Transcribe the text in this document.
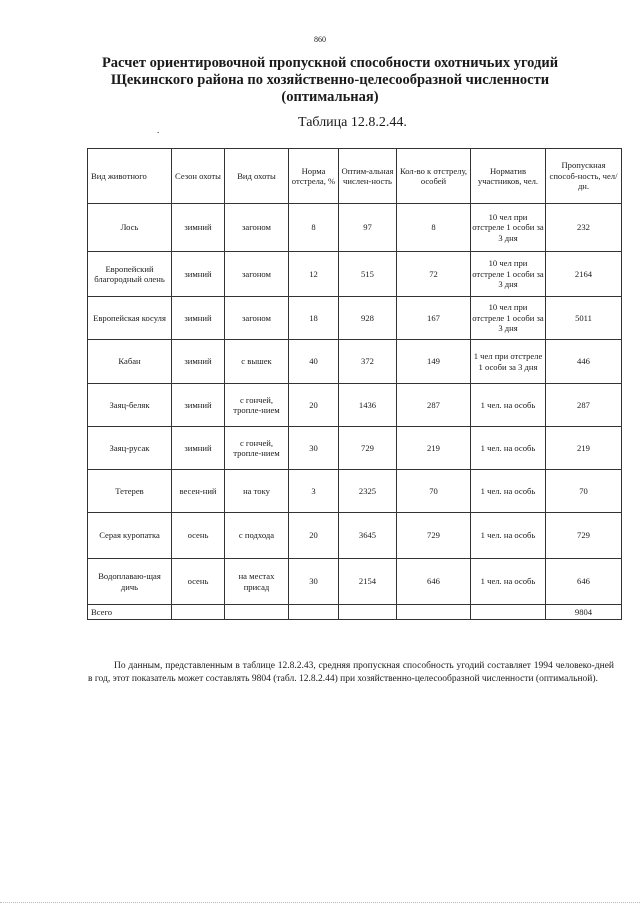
860
Расчет ориентировочной пропускной способности охотничьих угодий Щекинского района по хозяйственно-целесообразной численности (оптимальная)
.	Таблица 12.8.2.44.
Вид животного	Сезон охоты	Вид охоты	Норма отстрела, %	Оптим-альная числен-ность	Кол-во к отстрелу, особей	Норматив участников, чел.	Пропускная способ-ность, чел/дн.
Лось	зимний	загоном	8	97	8	10 чел при отстреле 1 особи за 3 дня	232
Европейский благородный олень	зимний	загоном	12	515	72	10 чел при отстреле 1 особи за 3 дня	2164
Европейская косуля	зимний	загоном	18	928	167	10 чел при отстреле 1 особи за 3 дня	5011
Кабан	зимний	с вышек	40	372	149	1 чел при отстреле 1 особи за 3 дня	446
Заяц-беляк	зимний	с гончей, тропле-нием	20	1436	287	1 чел. на особь	287
Заяц-русак	зимний	с гончей, тропле-нием	30	729	219	1 чел. на особь	219
Тетерев	весен-ний	на току	3	2325	70	1 чел. на особь	70
Серая куропатка	осень	с подхода	20	3645	729	1 чел. на особь	729
Водоплаваю-щая дичь	осень	на местах присад	30	2154	646	1 чел. на особь	646
Всего							9804
По данным, представленным в таблице 12.8.2.43, средняя пропускная способность угодий составляет 1994 человеко-дней в год, этот показатель может составлять 9804 (табл. 12.8.2.44) при хозяйственно-целесообразной численности (оптимальной).
